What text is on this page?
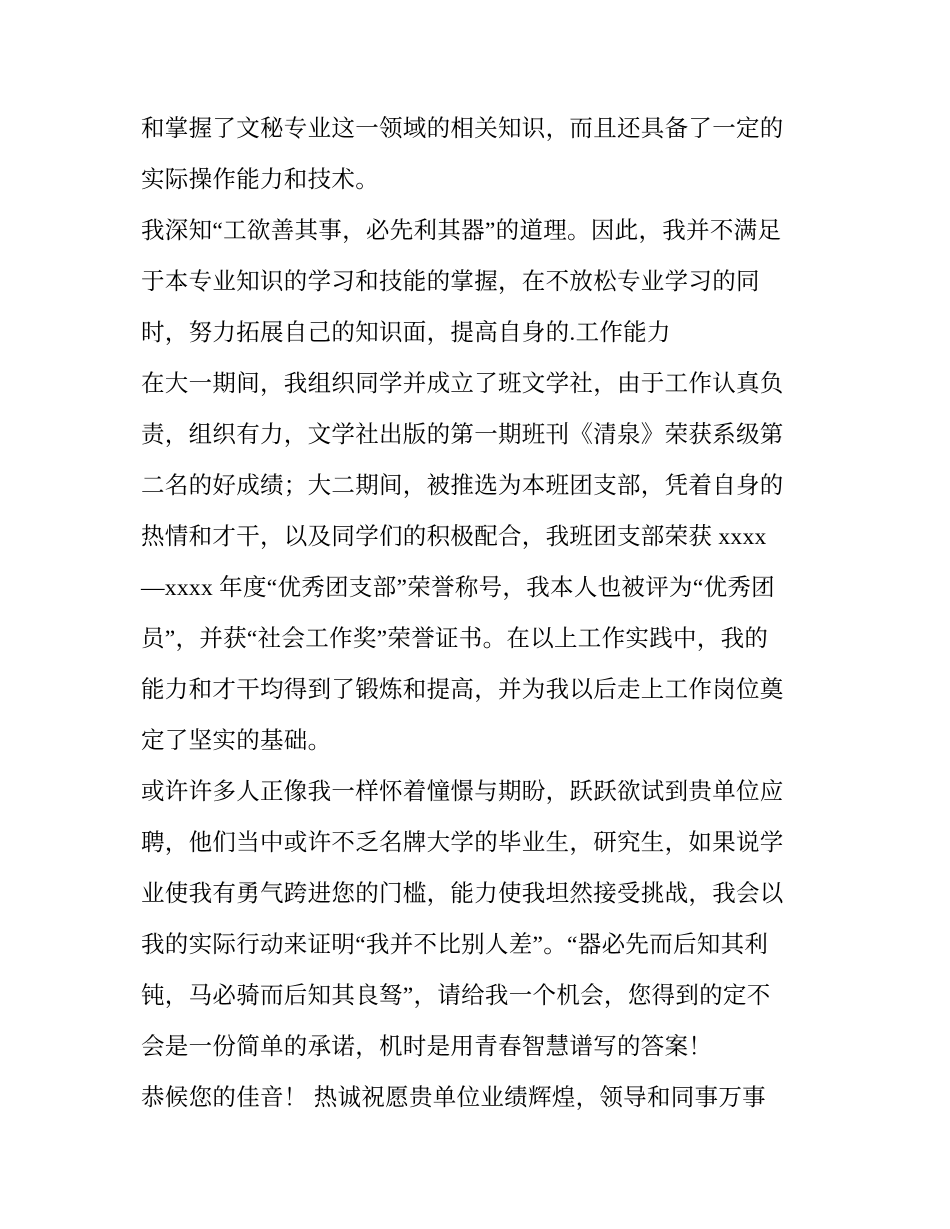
和掌握了文秘专业这一领域的相关知识，而且还具备了一定的
实际操作能力和技术。
我深知“工欲善其事，必先利其器”的道理。因此，我并不满足
于本专业知识的学习和技能的掌握，在不放松专业学习的同
时，努力拓展自己的知识面，提高自身的.工作能力
在大一期间，我组织同学并成立了班文学社，由于工作认真负
责，组织有力，文学社出版的第一期班刊《清泉》荣获系级第
二名的好成绩；大二期间，被推选为本班团支部，凭着自身的
热情和才干，以及同学们的积极配合，我班团支部荣获 xxxx
—xxxx 年度“优秀团支部”荣誉称号，我本人也被评为“优秀团
员”，并获“社会工作奖”荣誉证书。在以上工作实践中，我的
能力和才干均得到了锻炼和提高，并为我以后走上工作岗位奠
定了坚实的基础。
或许许多人正像我一样怀着憧憬与期盼，跃跃欲试到贵单位应
聘，他们当中或许不乏名牌大学的毕业生，研究生，如果说学
业使我有勇气跨进您的门槛，能力使我坦然接受挑战，我会以
我的实际行动来证明“我并不比别人差”。“器必先而后知其利
钝，马必骑而后知其良驽”，请给我一个机会，您得到的定不
会是一份简单的承诺，机时是用青春智慧谱写的答案！
恭候您的佳音！ 热诚祝愿贵单位业绩辉煌，领导和同事万事
